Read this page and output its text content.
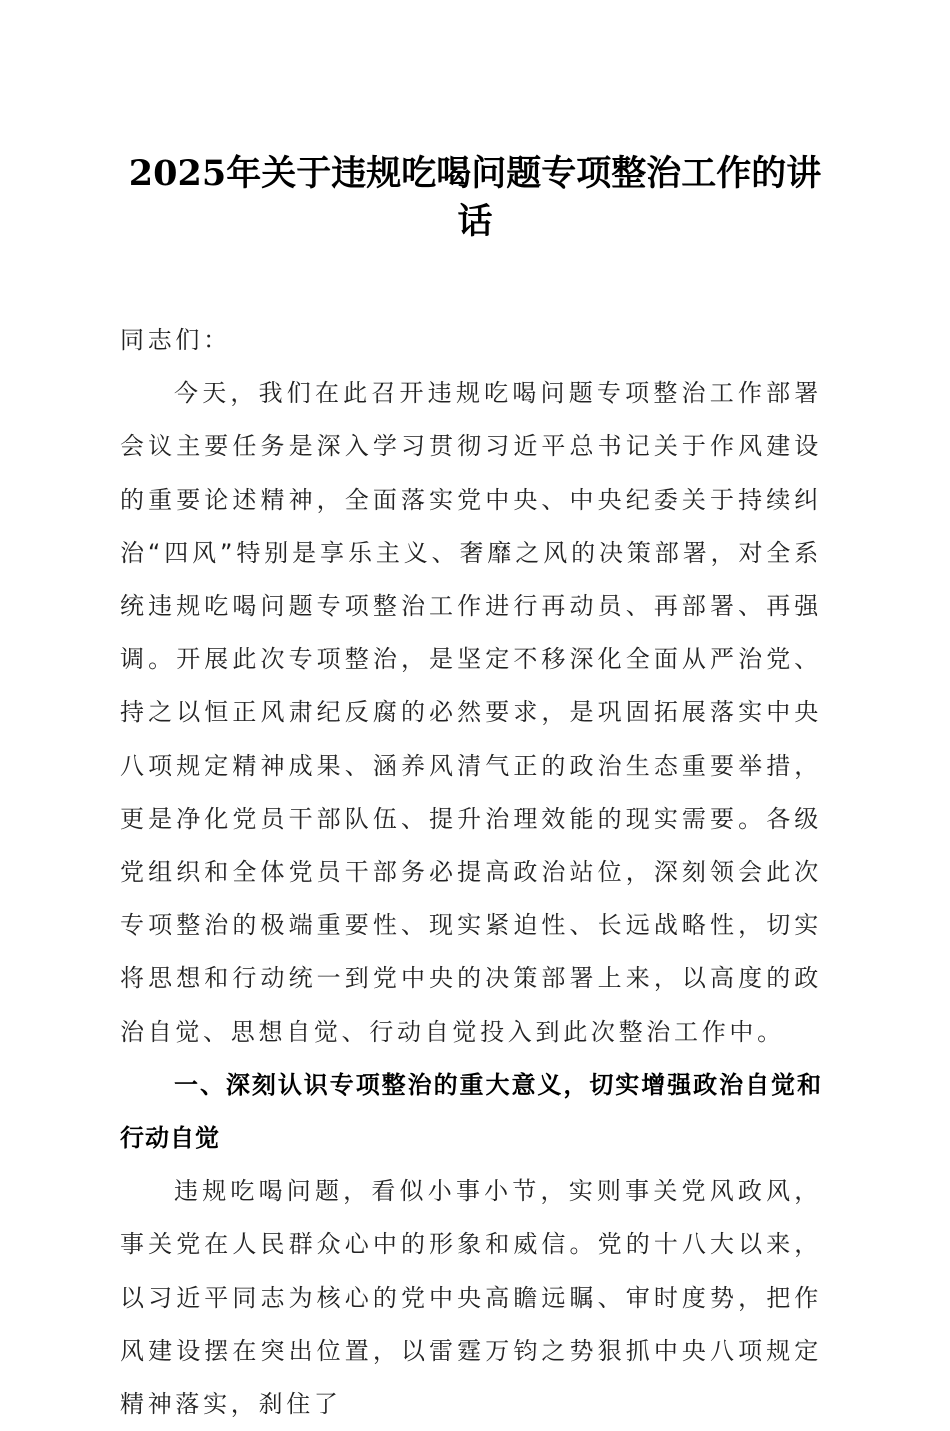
2025年关于违规吃喝问题专项整治工作的讲话

同志们：

今天，我们在此召开违规吃喝问题专项整治工作部署会议主要任务是深入学习贯彻习近平总书记关于作风建设的重要论述精神，全面落实党中央、中央纪委关于持续纠治“四风”特别是享乐主义、奢靡之风的决策部署，对全系统违规吃喝问题专项整治工作进行再动员、再部署、再强调。开展此次专项整治，是坚定不移深化全面从严治党、持之以恒正风肃纪反腐的必然要求，是巩固拓展落实中央八项规定精神成果、涵养风清气正的政治生态重要举措，更是净化党员干部队伍、提升治理效能的现实需要。各级党组织和全体党员干部务必提高政治站位，深刻领会此次专项整治的极端重要性、现实紧迫性、长远战略性，切实将思想和行动统一到党中央的决策部署上来，以高度的政治自觉、思想自觉、行动自觉投入到此次整治工作中。

一、深刻认识专项整治的重大意义，切实增强政治自觉和行动自觉

违规吃喝问题，看似小事小节，实则事关党风政风，事关党在人民群众心中的形象和威信。党的十八大以来，以习近平同志为核心的党中央高瞻远瞩、审时度势，把作风建设摆在突出位置，以雷霆万钧之势狠抓中央八项规定精神落实，刹住了
